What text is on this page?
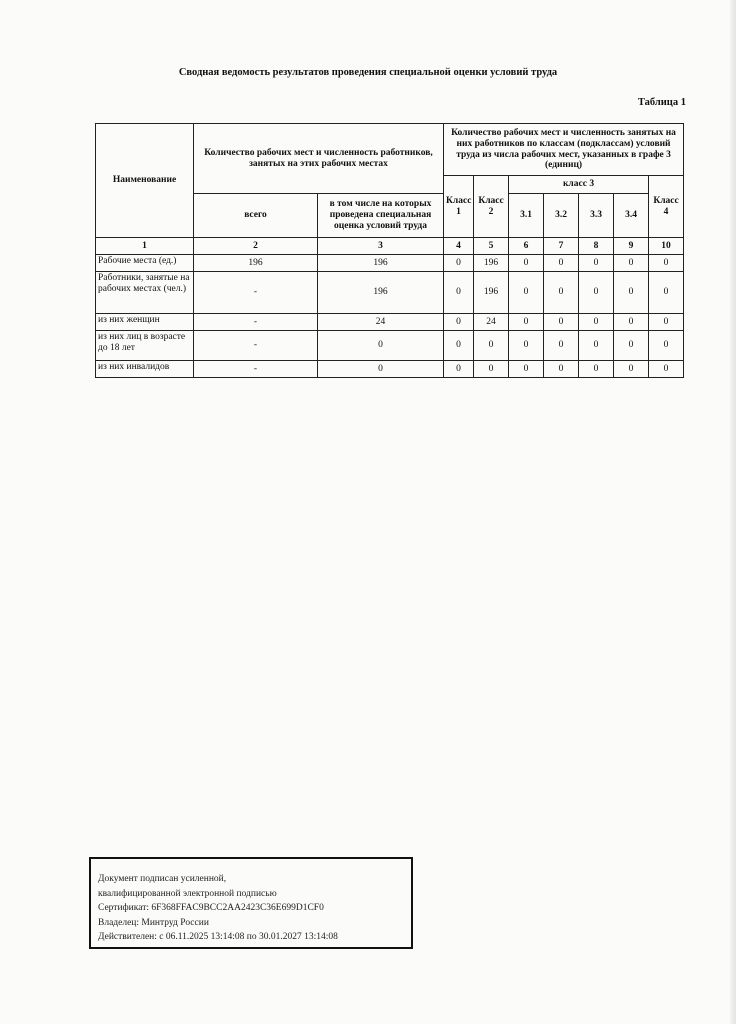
Сводная ведомость результатов проведения специальной оценки условий труда
Таблица 1
Наименование	Количество рабочих мест и численность работников, занятых на этих рабочих местах		Количество рабочих мест и численность занятых на них работников по классам (подклассам) условий труда из числа рабочих мест, указанных в графе 3 (единиц)						
			Класс 1	Класс 2	класс 3				Класс 4
	всего	в том числе на которых проведена специальная оценка условий труда			3.1	3.2	3.3	3.4	
1	2	3	4	5	6	7	8	9	10
Рабочие места (ед.)	196	196	0	196	0	0	0	0	0
Работники, занятые на рабочих местах (чел.)	-	196	0	196	0	0	0	0	0
из них женщин	-	24	0	24	0	0	0	0	0
из них лиц в возрасте до 18 лет	-	0	0	0	0	0	0	0	0
из них инвалидов	-	0	0	0	0	0	0	0	0
Документ подписан усиленной,
квалифицированной электронной подписью
Сертификат: 6F368FFAC9BCC2AA2423C36E699D1CF0
Владелец: Минтруд России
Действителен: с 06.11.2025 13:14:08 по 30.01.2027 13:14:08
